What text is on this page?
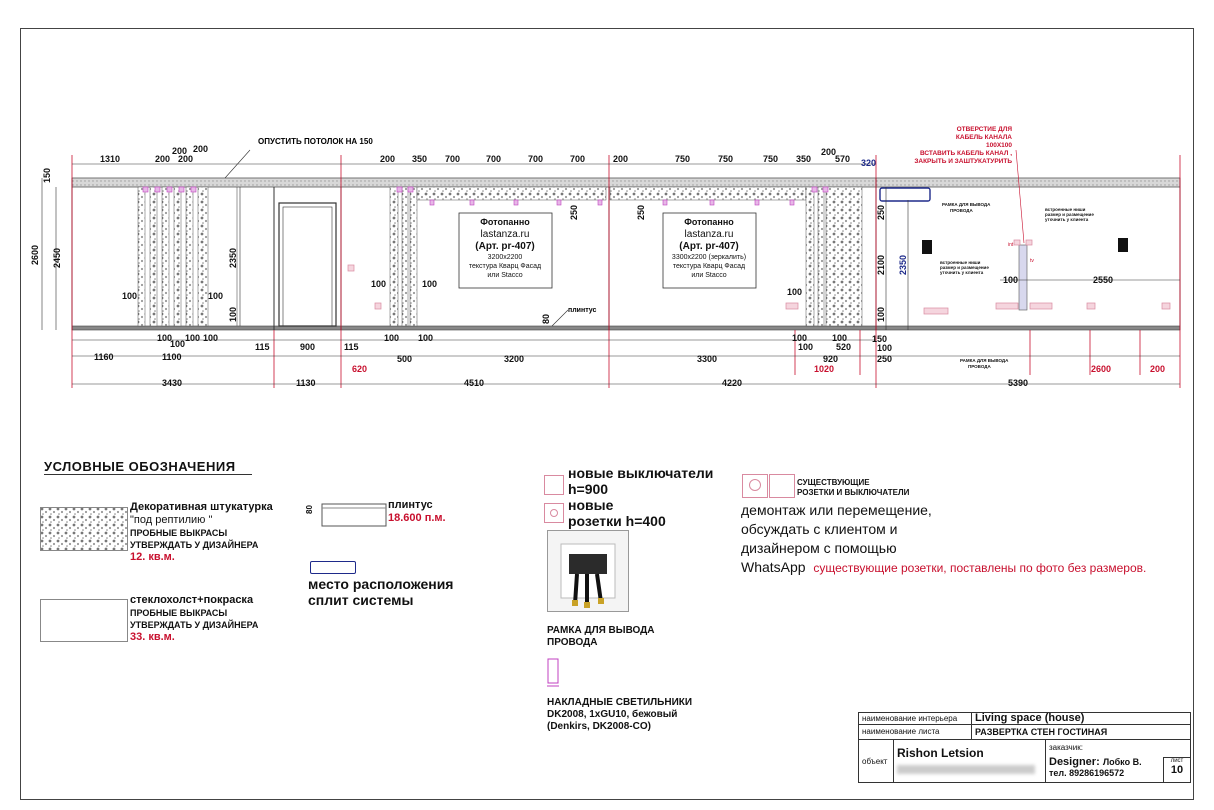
1310	200 200
200 200
200 350 700	700	700	700	200	750	750	750 350
200
570 320
ОПУСТИТЬ ПОТОЛОК НА 150
150
2600 2450	2350
100
100	100
100
100
100 100
1160	1100
115	900	115
100	100
100 100
500	3200	3300
620
100
100
100
100
520
920
1020
150
100
250
2100 2350
250
100
250	250
80
плинтус
3430	1130	4510	4220	5390
100	2550
2600	200
Фотопанно
lastanza.ru
(Арт. pr-407)
3200x2200
текстура Кварц Фасад
или Stacco
Фотопанно
lastanza.ru
(Арт. pr-407)
3300x2200 (зеркалить)
текстура Кварц Фасад
или Stacco
ОТВЕРСТИЕ ДЛЯ
КАБЕЛЬ КАНАЛА
100X100
ВСТАВИТЬ КАБЕЛЬ КАНАЛ ,
ЗАКРЫТЬ И ЗАШТУКАТУРИТЬ
РАМКА ДЛЯ ВЫВОДА
ПРОВОДА
РАМКА ДЛЯ ВЫВОДА
ПРОВОДА
встроенные ниши
размер и размещение
уточнить у клиента
встроенные ниши
размер и размещение
уточнить у клиента
int
tv
УСЛОВНЫЕ ОБОЗНАЧЕНИЯ
Декоративная штукатурка
"под рептилию "
ПРОБНЫЕ ВЫКРАСЫ
УТВЕРЖДАТЬ У ДИЗАЙНЕРА
12. кв.м.
стеклохолст+покраска
ПРОБНЫЕ ВЫКРАСЫ
УТВЕРЖДАТЬ У ДИЗАЙНЕРА
33. кв.м.
80	плинтус
18.600 п.м.
место расположения
сплит системы
новые выключатели
h=900
новые
розетки h=400
РАМКА ДЛЯ ВЫВОДА
ПРОВОДА
НАКЛАДНЫЕ СВЕТИЛЬНИКИ
DK2008, 1xGU10, бежовый
(Denkirs, DK2008-CO)
СУЩЕСТВУЮЩИЕ
РОЗЕТКИ И ВЫКЛЮЧАТЕЛИ
демонтаж или перемещение,
обсуждать с клиентом и
дизайнером с помощью
WhatsApp существующие розетки, поставлены по фото без размеров.
наименование интерьера	Living space (house)
наименование листа	РАЗВЕРТКА СТЕН ГОСТИНАЯ
объект
Rishon Letsion	заказчик:
Designer: Лобко В.
тел. 89286196572
лист
10
